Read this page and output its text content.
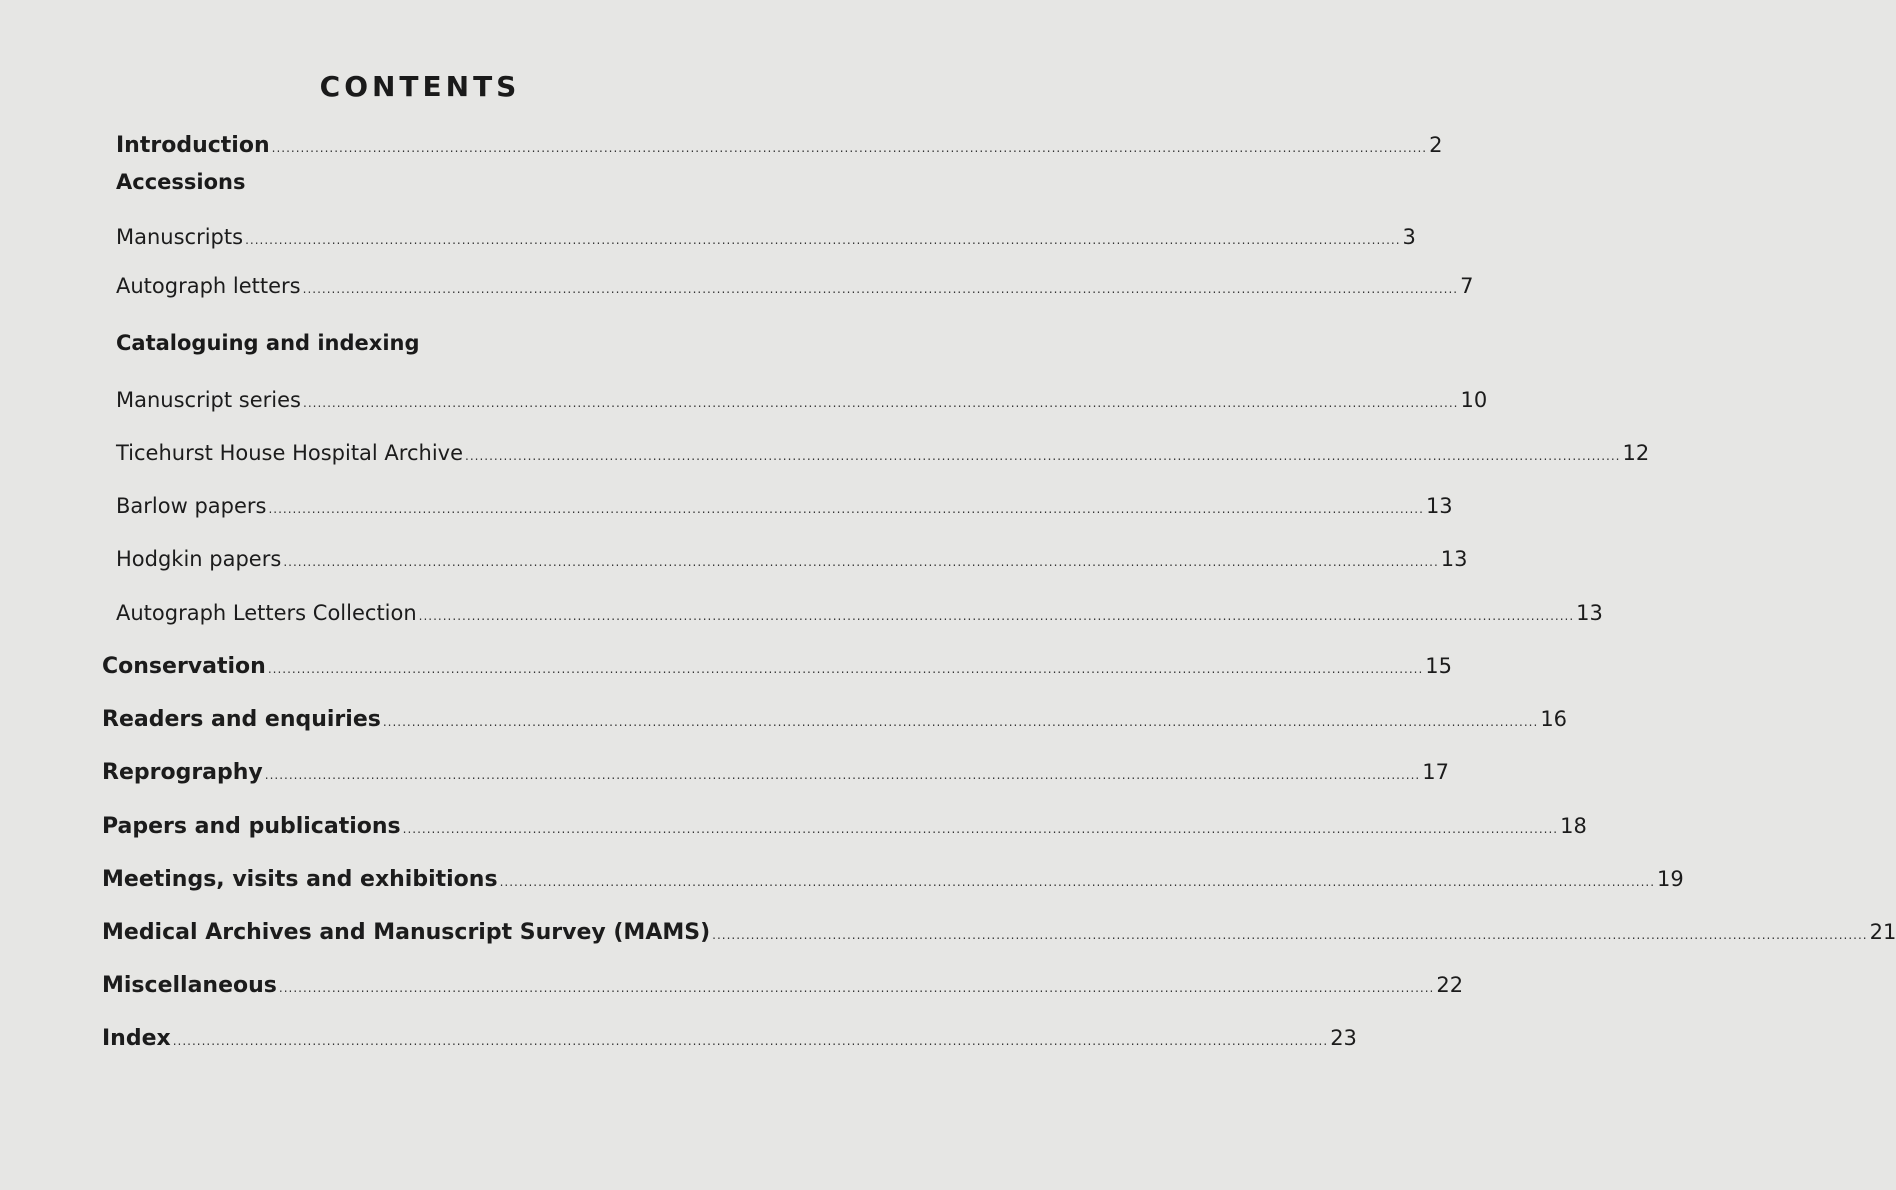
CONTENTS
Introduction .....	2
Accessions
Manuscripts .....	3
Autograph letters .....	7
Cataloguing and indexing
Manuscript series .....	10
Ticehurst House Hospital Archive .....	12
Barlow papers .....	13
Hodgkin papers .....	13
Autograph Letters Collection .....	13
Conservation .....	15
Readers and enquiries .....	16
Reprography .....	17
Papers and publications .....	18
Meetings, visits and exhibitions .....	19
Medical Archives and Manuscript Survey (MAMS) .....	21
Miscellaneous .....	22
Index .....	23
